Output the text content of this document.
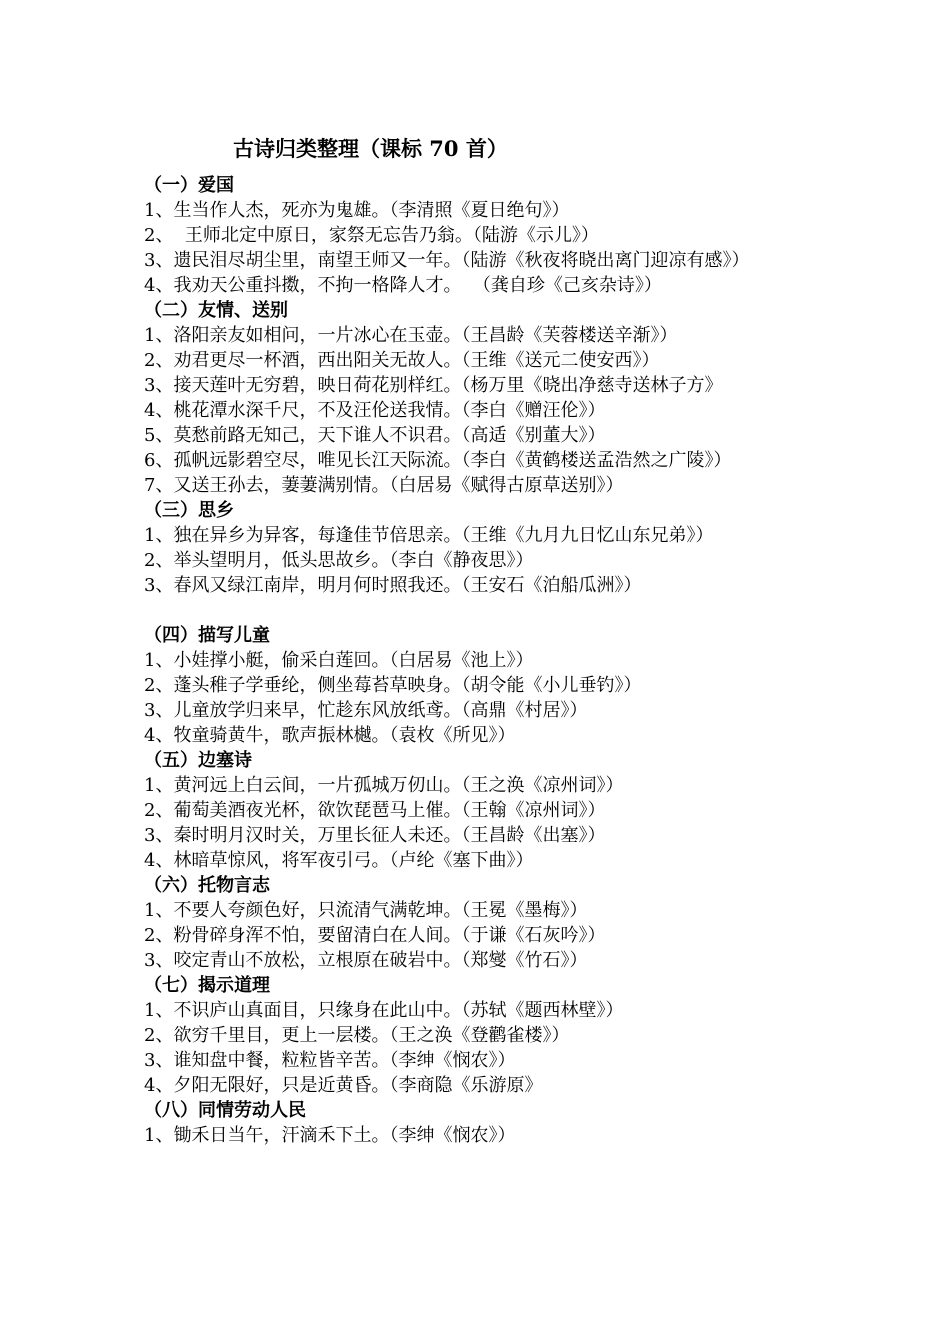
古诗归类整理（课标 70 首）
（一）爱国

1、生当作人杰，死亦为鬼雄。（李清照《夏日绝句》）

2、  王师北定中原日，家祭无忘告乃翁。（陆游《示儿》）

3、遗民泪尽胡尘里，南望王师又一年。（陆游《秋夜将晓出离门迎凉有感》）

4、我劝天公重抖擞，不拘一格降人才。  （龚自珍《己亥杂诗》）

（二）友情、送别

1、洛阳亲友如相问，一片冰心在玉壶。（王昌龄《芙蓉楼送辛渐》）

2、劝君更尽一杯酒，西出阳关无故人。（王维《送元二使安西》）

3、接天莲叶无穷碧，映日荷花别样红。（杨万里《晓出净慈寺送林子方》

4、桃花潭水深千尺，不及汪伦送我情。（李白《赠汪伦》）

5、莫愁前路无知己，天下谁人不识君。（高适《别董大》）

6、孤帆远影碧空尽，唯见长江天际流。（李白《黄鹤楼送孟浩然之广陵》）

7、又送王孙去，萋萋满别情。（白居易《赋得古原草送别》）

（三）思乡

1、独在异乡为异客，每逢佳节倍思亲。（王维《九月九日忆山东兄弟》）

2、举头望明月，低头思故乡。（李白《静夜思》）

3、春风又绿江南岸，明月何时照我还。（王安石《泊船瓜洲》）

（四）描写儿童

1、小娃撑小艇，偷采白莲回。（白居易《池上》）

2、蓬头稚子学垂纶，侧坐莓苔草映身。（胡令能《小儿垂钓》）

3、儿童放学归来早，忙趁东风放纸鸢。（高鼎《村居》）

4、牧童骑黄牛，歌声振林樾。（袁枚《所见》）

（五）边塞诗

1、黄河远上白云间，一片孤城万仞山。（王之涣《凉州词》）

2、葡萄美酒夜光杯，欲饮琵琶马上催。（王翰《凉州词》）

3、秦时明月汉时关，万里长征人未还。（王昌龄《出塞》）

4、林暗草惊风，将军夜引弓。（卢纶《塞下曲》）

（六）托物言志

1、不要人夸颜色好，只流清气满乾坤。（王冕《墨梅》）

2、粉骨碎身浑不怕，要留清白在人间。（于谦《石灰吟》）

3、咬定青山不放松，立根原在破岩中。（郑燮《竹石》）

（七）揭示道理

1、不识庐山真面目，只缘身在此山中。（苏轼《题西林壁》）

2、欲穷千里目，更上一层楼。（王之涣《登鹳雀楼》）

3、谁知盘中餐，粒粒皆辛苦。（李绅《悯农》）

4、夕阳无限好，只是近黄昏。（李商隐《乐游原》

（八）同情劳动人民

1、锄禾日当午，汗滴禾下土。（李绅《悯农》）
